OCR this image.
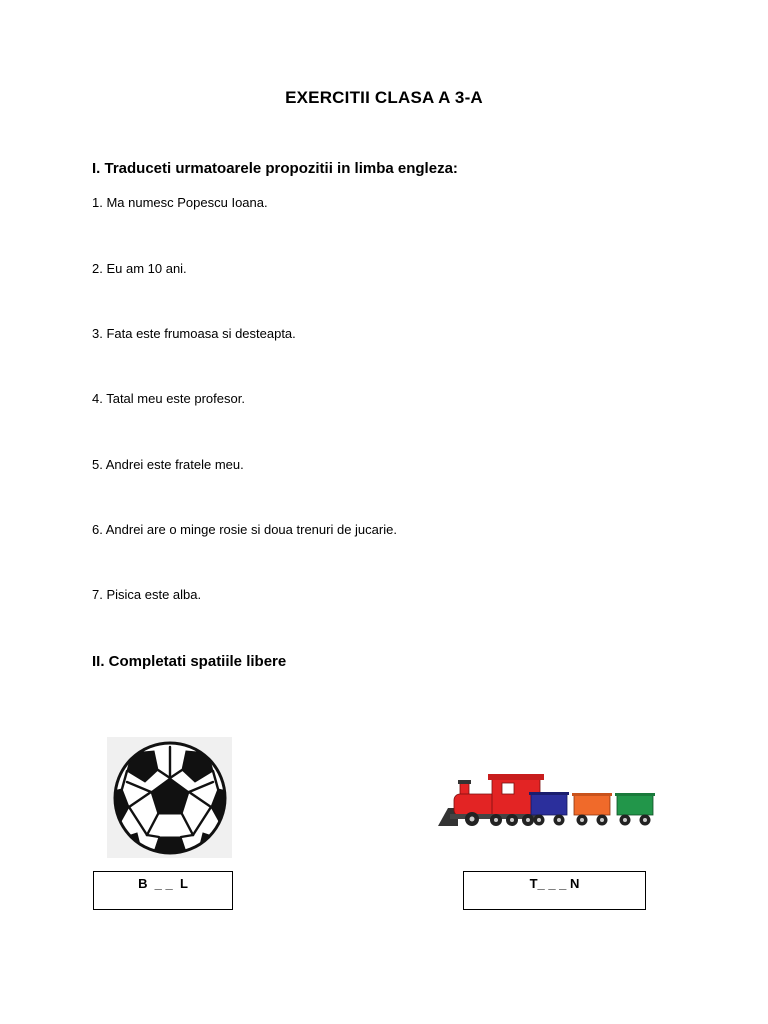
EXERCITII CLASA A 3-A
I. Traduceti urmatoarele propozitii in limba engleza:
1. Ma numesc Popescu Ioana.
2. Eu am 10 ani.
3. Fata este frumoasa si desteapta.
4. Tatal meu este profesor.
5. Andrei este fratele meu.
6. Andrei are o minge rosie si doua trenuri de jucarie.
7. Pisica este alba.
II. Completati spatiile libere
B  _ _  L	T_ _ _ N
